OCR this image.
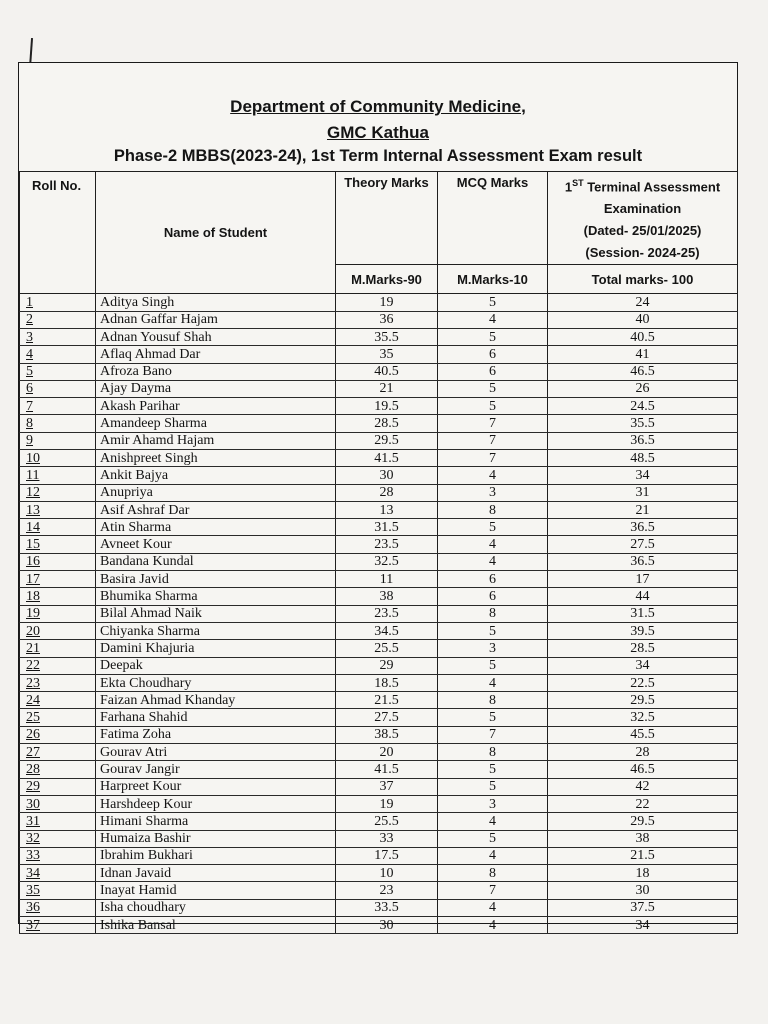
Department of Community Medicine,
GMC Kathua
Phase-2 MBBS(2023-24), 1st Term Internal Assessment Exam result
Roll No.	Name of Student	Theory Marks	MCQ Marks	1ST Terminal Assessment
Examination
(Dated- 25/01/2025)
(Session- 2024-25)

		M.Marks-90	M.Marks-10	Total marks- 100
1	Aditya Singh	19	5	24
2	Adnan Gaffar Hajam	36	4	40
3	Adnan Yousuf Shah	35.5	5	40.5
4	Aflaq Ahmad Dar	35	6	41
5	Afroza Bano	40.5	6	46.5
6	Ajay Dayma	21	5	26
7	Akash Parihar	19.5	5	24.5
8	Amandeep Sharma	28.5	7	35.5
9	Amir Ahamd Hajam	29.5	7	36.5
10	Anishpreet Singh	41.5	7	48.5
11	Ankit Bajya	30	4	34
12	Anupriya	28	3	31
13	Asif Ashraf Dar	13	8	21
14	Atin Sharma	31.5	5	36.5
15	Avneet Kour	23.5	4	27.5
16	Bandana Kundal	32.5	4	36.5
17	Basira Javid	11	6	17
18	Bhumika Sharma	38	6	44
19	Bilal Ahmad Naik	23.5	8	31.5
20	Chiyanka Sharma	34.5	5	39.5
21	Damini Khajuria	25.5	3	28.5
22	Deepak	29	5	34
23	Ekta Choudhary	18.5	4	22.5
24	Faizan Ahmad Khanday	21.5	8	29.5
25	Farhana Shahid	27.5	5	32.5
26	Fatima Zoha	38.5	7	45.5
27	Gourav Atri	20	8	28
28	Gourav Jangir	41.5	5	46.5
29	Harpreet Kour	37	5	42
30	Harshdeep Kour	19	3	22
31	Himani Sharma	25.5	4	29.5
32	Humaiza Bashir	33	5	38
33	Ibrahim Bukhari	17.5	4	21.5
34	Idnan Javaid	10	8	18
35	Inayat Hamid	23	7	30
36	Isha choudhary	33.5	4	37.5
37	Ishika Bansal	30	4	34
